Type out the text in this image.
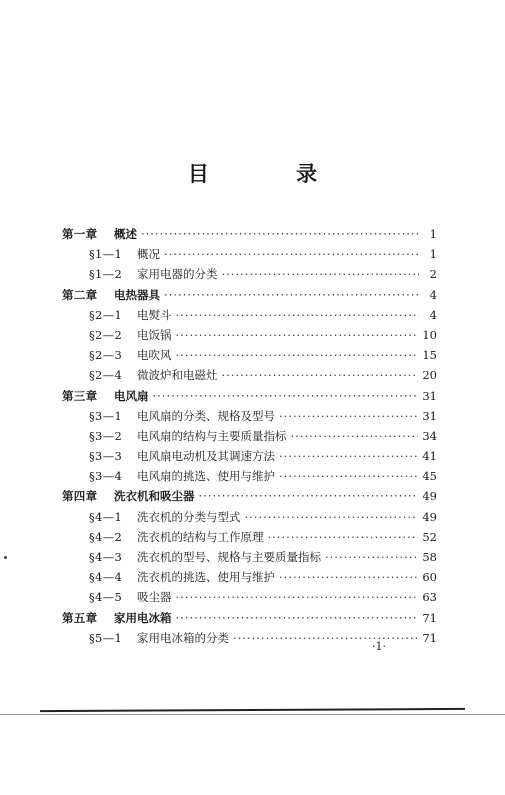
目 录
第一章	概述 ·····	1
§1—1	概况 ·····	1
§1—2	家用电器的分类 ·····	2
第二章	电热器具 ·····	4
§2—1	电熨斗 ·····	4
§2—2	电饭锅 ·····	10
§2—3	电吹风 ·····	15
§2—4	微波炉和电磁灶 ·····	20
第三章	电风扇 ·····	31
§3—1	电风扇的分类、规格及型号 ·····	31
§3—2	电风扇的结构与主要质量指标 ·····	34
§3—3	电风扇电动机及其调速方法 ·····	41
§3—4	电风扇的挑选、使用与维护 ·····	45
第四章	洗衣机和吸尘器 ·····	49
§4—1	洗衣机的分类与型式 ·····	49
§4—2	洗衣机的结构与工作原理 ·····	52
§4—3	洗衣机的型号、规格与主要质量指标 ·····	58
§4—4	洗衣机的挑选、使用与维护 ·····	60
§4—5	吸尘器 ·····	63
第五章	家用电冰箱 ·····	71
§5—1	家用电冰箱的分类 ·····	71
·1·
